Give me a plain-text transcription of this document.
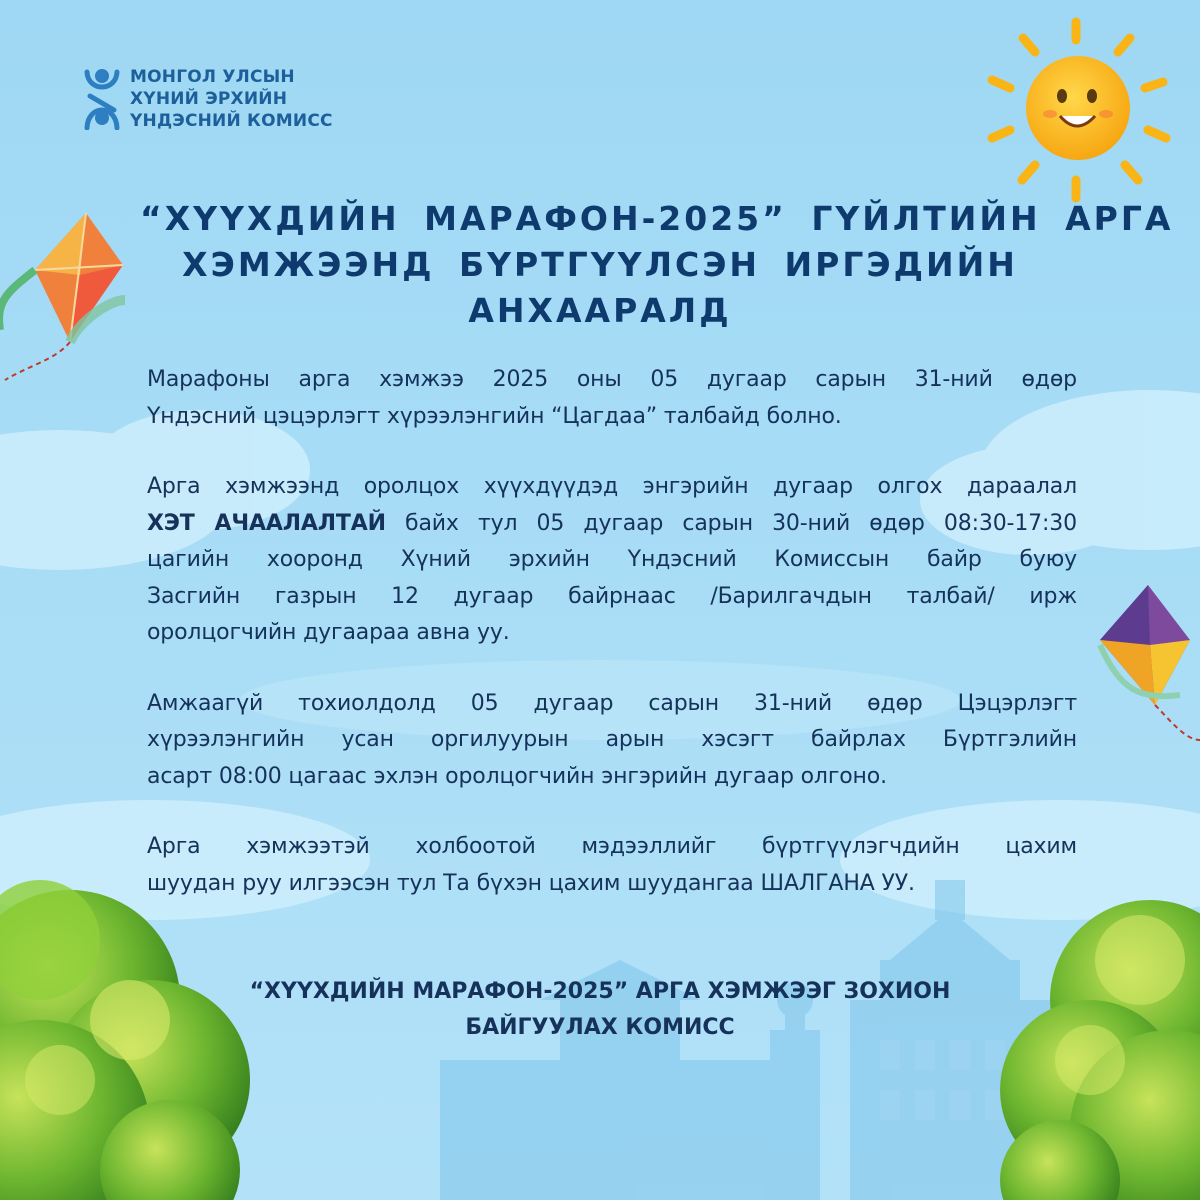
МОНГОЛ УЛСЫН
ХҮНИЙ ЭРХИЙН
ҮНДЭСНИЙ КОМИСС
“ХҮҮХДИЙН МАРАФОН-2025” ГҮЙЛТИЙН АРГА
ХЭМЖЭЭНД БҮРТГҮҮЛСЭН ИРГЭДИЙН
АНХААРАЛД
Марафоны арга хэмжээ 2025 оны 05 дугаар сарын 31-ний өдөр
Үндэсний цэцэрлэгт хүрээлэнгийн “Цагдаа” талбайд болно.
Арга хэмжээнд оролцох хүүхдүүдэд энгэрийн дугаар олгох дараалал
ХЭТ АЧААЛАЛТАЙ байх тул 05 дугаар сарын 30-ний өдөр 08:30-17:30
цагийн хооронд Хүний эрхийн Үндэсний Комиссын байр буюу
Засгийн газрын 12 дугаар байрнаас /Барилгачдын талбай/ ирж
оролцогчийн дугаараа авна уу.
Амжаагүй тохиолдолд 05 дугаар сарын 31-ний өдөр Цэцэрлэгт
хүрээлэнгийн усан оргилуурын арын хэсэгт байрлах Бүртгэлийн
асарт 08:00 цагаас эхлэн оролцогчийн энгэрийн дугаар олгоно.
Арга хэмжээтэй холбоотой мэдээллийг бүртгүүлэгчдийн цахим
шуудан руу илгээсэн тул Та бүхэн цахим шуудангаа ШАЛГАНА УУ.
“ХҮҮХДИЙН МАРАФОН-2025” АРГА ХЭМЖЭЭГ ЗОХИОН
БАЙГУУЛАХ КОМИСС
